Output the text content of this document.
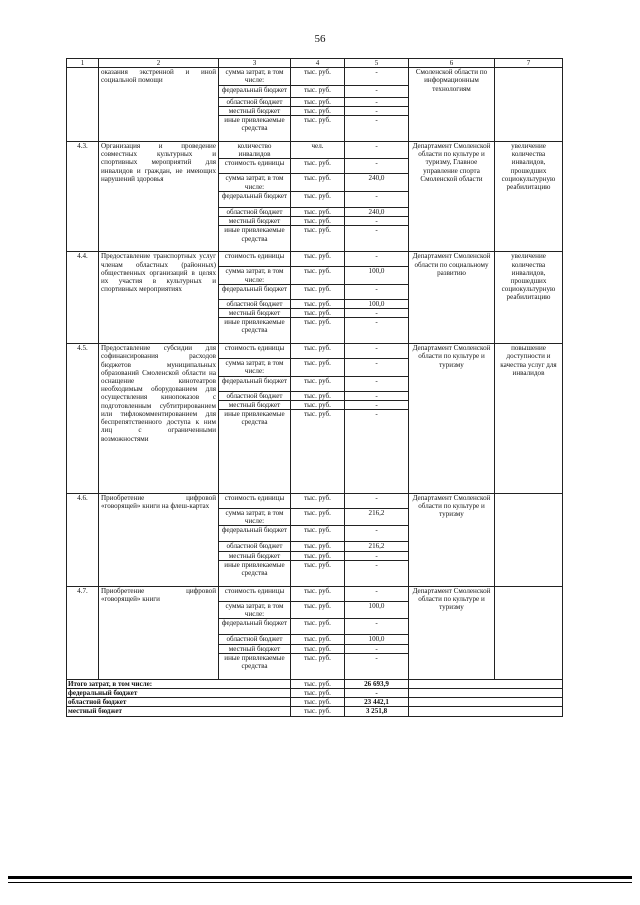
56
1	2	3	4	5	6	7
	оказания экстренной и иной социальной помощи	сумма затрат, в том числе:	тыс. руб.	-	Смоленской области по информационным технологиям	
		федеральный бюджет	тыс. руб.	-		
		областной бюджет	тыс. руб.	-		
		местный бюджет	тыс. руб.	-		
		иные привлекаемые средства	тыс. руб.	-		
4.3.	Организация и проведение совместных культурных и спортивных мероприятий для инвалидов и граждан, не имеющих нарушений здоровья	количество инвалидов	чел.	-	Департамент Смоленской области по культуре и туризму, Главное управление спорта Смоленской области	увеличение количества инвалидов, прошедших социокультурную реабилитацию
		стоимость единицы	тыс. руб.	-		
		сумма затрат, в том числе:	тыс. руб.	240,0		
		федеральный бюджет	тыс. руб.	-		
		областной бюджет	тыс. руб.	240,0		
		местный бюджет	тыс. руб.	-		
		иные привлекаемые средства	тыс. руб.	-		
4.4.	Предоставление транспортных услуг членам областных (районных) общественных организаций в целях их участия в культурных и спортивных мероприятиях	стоимость единицы	тыс. руб.	-	Департамент Смоленской области по социальному развитию	увеличение количества инвалидов, прошедших социокультурную реабилитацию
		сумма затрат, в том числе:	тыс. руб.	100,0		
		федеральный бюджет	тыс. руб.	-		
		областной бюджет	тыс. руб.	100,0		
		местный бюджет	тыс. руб.	-		
		иные привлекаемые средства	тыс. руб.	-		
4.5.	Предоставление субсидии для софинансирования расходов бюджетов муниципальных образований Смоленской области на оснащение кинотеатров необходимым оборудованием для осуществления кинопоказов с подготовленным субтитрированием или тифлокомментированием для беспрепятственного доступа к ним лиц с ограниченными возможностями	стоимость единицы	тыс. руб.	-	Департамент Смоленской области по культуре и туризму	повышение доступности и качества услуг для инвалидов
		сумма затрат, в том числе:	тыс. руб.	-		
		федеральный бюджет	тыс. руб.	-		
		областной бюджет	тыс. руб.	-		
		местный бюджет	тыс. руб.	-		
		иные привлекаемые средства	тыс. руб.	-		
4.6.	Приобретение цифровой «говорящей» книги на флеш-картах	стоимость единицы	тыс. руб.	-	Департамент Смоленской области по культуре и туризму	
		сумма затрат, в том числе:	тыс. руб.	216,2		
		федеральный бюджет	тыс. руб.	-		
		областной бюджет	тыс. руб.	216,2		
		местный бюджет	тыс. руб.	-		
		иные привлекаемые средства	тыс. руб.	-		
4.7.	Приобретение цифровой «говорящей» книги	стоимость единицы	тыс. руб.	-	Департамент Смоленской области по культуре и туризму	
		сумма затрат, в том числе:	тыс. руб.	100,0		
		федеральный бюджет	тыс. руб.	-		
		областной бюджет	тыс. руб.	100,0		
		местный бюджет	тыс. руб.	-		
		иные привлекаемые средства	тыс. руб.	-		
Итого затрат, в том числе:			тыс. руб.	26 693,9		
федеральный бюджет			тыс. руб.	-		
областной бюджет			тыс. руб.	23 442,1		
местный бюджет			тыс. руб.	3 251,8		
